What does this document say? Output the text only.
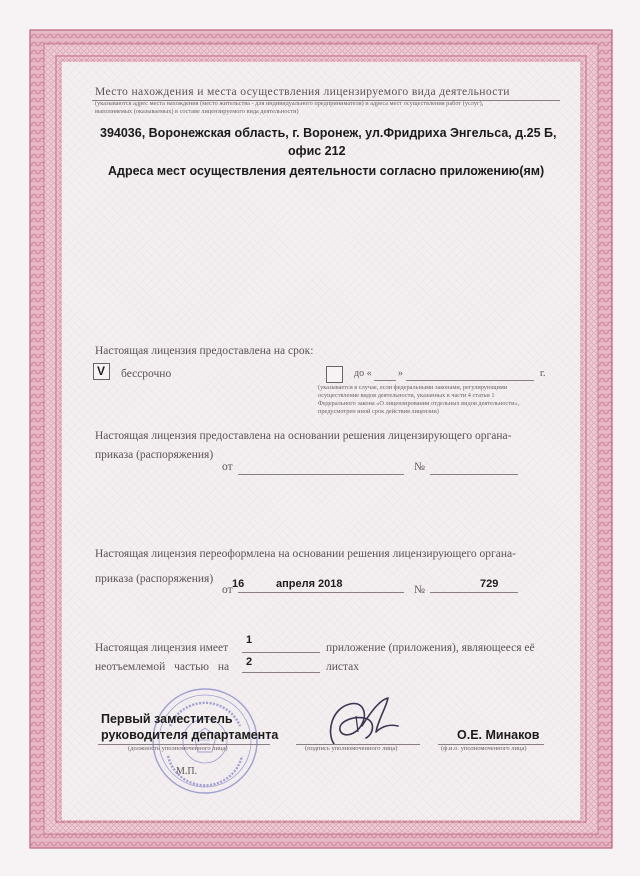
Место нахождения и места осуществления лицензируемого вида деятельности
(указываются адрес места нахождения (место жительства - для индивидуального предпринимателя) и адреса мест осуществления работ (услуг),
выполняемых (оказываемых) в составе лицензируемого вида деятельности)
394036, Воронежская область, г. Воронеж, ул.Фридриха Энгельса, д.25 Б,
офис 212
Адреса мест осуществления деятельности согласно приложению(ям)
Настоящая лицензия предоставлена на срок:
V бессрочно	до «	»	г.
(указывается в случае, если федеральными законами, регулирующими
осуществление видов деятельности, указанных в части 4 статьи 1
Федерального закона «О лицензировании отдельных видов деятельности»,
предусмотрен иной срок действия лицензии)
Настоящая лицензия предоставлена на основании решения лицензирующего органа-
приказа (распоряжения)
от	№
Настоящая лицензия переоформлена на основании решения лицензирующего органа-
приказа (распоряжения)
от 16	апреля 2018	№	729
Настоящая лицензия имеет
1
приложение (приложения), являющееся её
неотъемлемой частью на 2	листах
Первый заместитель
руководителя департамента
(должность уполномоченного лица)	(подпись уполномоченного лица)
О.Е. Минаков
(ф.и.о. уполномоченного лица)
М.П.
